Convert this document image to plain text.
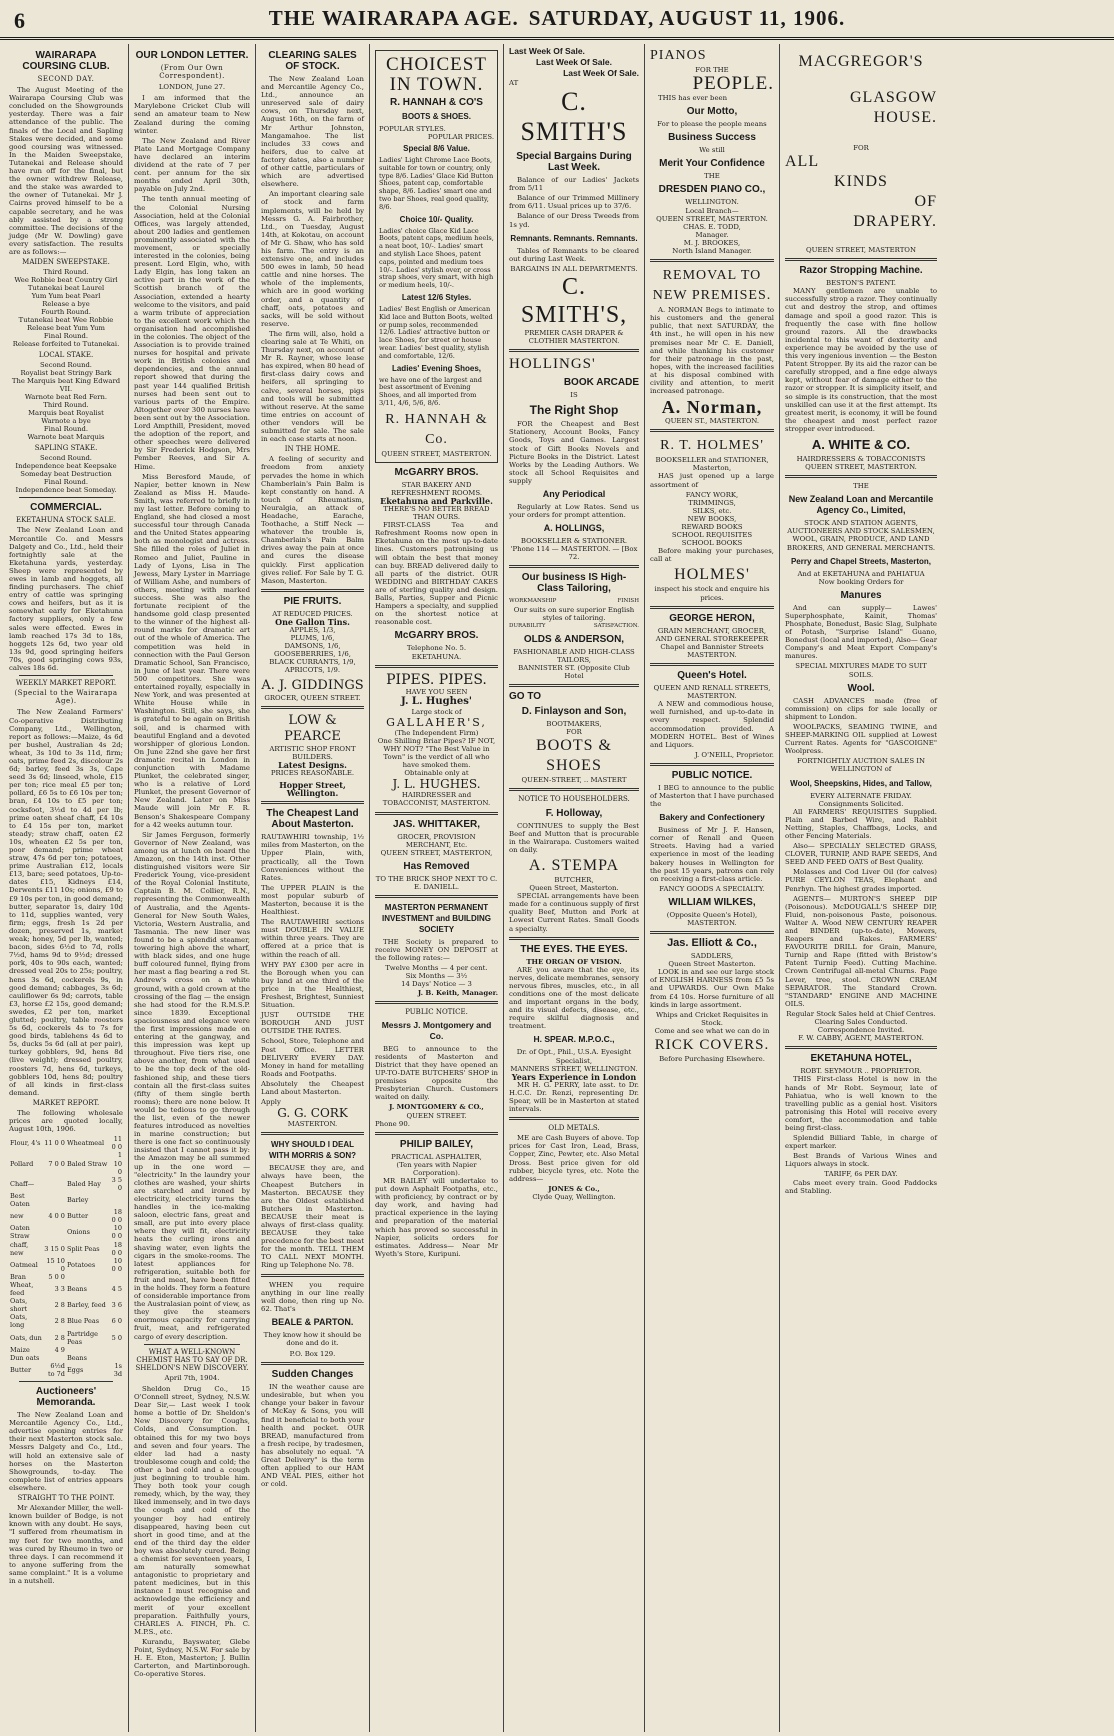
6	THE WAIRARAPA AGE. SATURDAY, AUGUST 11, 1906.
WAIRARAPA COURSING CLUB.
SECOND DAY.
The August Meeting of the Wairarapa Coursing Club was concluded on the Showgrounds yesterday. There was a fair attendance of the public. The finals of the Local and Sapling Stakes were decided, and some good coursing was witnessed. In the Maiden Sweepstake, Tutanekai and Release should have run off for the final, but the owner withdrew Release, and the stake was awarded to the owner of Tutanekai. Mr J. Cairns proved himself to be a capable secretary, and he was ably assisted by a strong committee. The decisions of the judge (Mr W. Dowling) gave every satisfaction. The results are as follows:—
MAIDEN SWEEPSTAKE.
Third Round.
Wee Robbie beat Country Girl
Tutanekai beat Laurel
Yum Yum beat Pearl
Release a bye
Fourth Round.
Tutanekai beat Wee Robbie
Release beat Yum Yum
Final Round.
Release forfeited to Tutanekai.
LOCAL STAKE.
Second Round.
Royalist beat Stringy Bark
The Marquis beat King Edward VII.
Warnote beat Red Fern.
Third Round.
Marquis beat Royalist
Warnote a bye
Final Round.
Warnote beat Marquis
SAPLING STAKE.
Second Round.
Independence beat Keepsake
Someday beat Destruction
Final Round.
Independence beat Someday.
COMMERCIAL.
EKETAHUNA STOCK SALE.
The New Zealand Loan and Mercantile Co. and Messrs Dalgety and Co., Ltd., held their fortnightly sale at the Eketahuna yards, yesterday. Sheep were represented by ewes in lamb and hoggets, all finding purchasers. The chief entry of cattle was springing cows and heifers, but as it is somewhat early for Eketahuna factory suppliers, only a few sales were effected. Ewes in lamb reached 17s 3d to 18s, hoggets 12s 6d, two year old 13s 9d, good springing heifers 70s, good springing cows 93s, calves 18s 6d.
WEEKLY MARKET REPORT.
(Special to the Wairarapa Age).
The New Zealand Farmers' Co-operative Distributing Company, Ltd., Wellington, report as follows:—Maize, 4s 6d per bushel, Australian 4s 2d; wheat, 3s 10d to 3s 11d, firm; oats, prime feed 2s, discolour 2s 6d; barley, feed 3s 3s, Cape seed 3s 6d; linseed, whole, £15 per ton; rice meal £5 per ton; pollard, £6 5s to £6 10s per ton; bran, £4 10s to £5 per ton; cocksfoot, 3½d to 4d per lb; prime oaten sheaf chaff, £4 10s to £4 15s per ton, market steady; straw chaff, oaten £2 10s, wheaten £2 5s per ton, poor demand; prime wheat straw, 47s 6d per ton; potatoes, prime Australian £12, locals £13, bare; seed potatoes, Up-to-dates £15, Kidneys £14, Derwents £11 10s; onions, £9 to £9 10s per ton, in good demand; butter, separator 1s, dairy 10d to 11d, supplies wanted, very firm; eggs, fresh 1s 2d per dozen, preserved 1s, market weak; honey, 5d per lb, wanted; bacon, sides 6½d to 7d, rolls 7½d, hams 9d to 9½d; dressed pork, 40s to 90s each, wanted; dressed veal 20s to 25s; poultry, hens 3s 6d, cockerels 9s, in good demand; cabbages, 3s 6d; cauliflower 6s 9d; carrots, table £3, horse £2 15s, good demand; swedes, £2 per ton, market glutted; poultry, table roosters 5s 6d, cockerels 4s to 7s for good birds, tablehens 4s 6d to 5s, ducks 5s 6d (all at per pair), turkey gobblers, 9d, hens 8d (live weight); dressed poultry, roosters 7d, hens 6d, turkeys, gobblers 10d, hens 8d; poultry of all kinds in first-class demand.
MARKET REPORT.
The following wholesale prices are quoted locally, August 10th, 1906.
Flour, 4's	11 0 0	Wheatmeal	11 0 0
Pollard	7 0 0	Baled Straw	1 10 0
Chaff—		Baled Hay	3 5 0
Best Oaten		Barley	
new	4 0 0	Butter	18 0 0
Oaten Straw		Onions	10 0 0
chaff, new	3 15 0	Split Peas	18 0 0
Oatmeal	15 10 0	Potatoes	10 0 0
Bran	5 0 0		
Wheat, feed	3 3	Beans	4 5
Oats, short	2 8	Barley, feed	3 6
Oats, long	2 8	Blue Peas	6 0
Oats, dun	2 8	Partridge Peas	5 0
Maize	4 9		
Dun oats		Beans	
Butter	6½d to 7d	Eggs	1s 3d
Auctioneers' Memoranda.
The New Zealand Loan and Mercantile Agency Co., Ltd., advertise opening entries for their next Masterton stock sale. Messrs Dalgety and Co., Ltd., will hold an extensive sale of horses on the Masterton Showgrounds, to-day. The complete list of entries appears elsewhere.
STRAIGHT TO THE POINT.
Mr Alexander Miller, the well-known builder of Bodge, is not known with any doubt. He says, "I suffered from rheumatism in my feet for two months, and was cured by Rheumo in two or three days. I can recommend it to anyone suffering from the same complaint." It is a volume in a nutshell.
OUR LONDON LETTER.
(From Our Own Correspondent).
LONDON, June 27.
I am informed that the Marylebone Cricket Club will send an amateur team to New Zealand during the coming winter.
The New Zealand and River Plate Land Mortgage Company have declared an interim dividend at the rate of 7 per cent. per annum for the six months ended April 30th, payable on July 2nd.
The tenth annual meeting of the Colonial Nursing Association, held at the Colonial Offices, was largely attended, about 200 ladies and gentlemen prominently associated with the movement, or specially interested in the colonies, being present. Lord Elgin, who, with Lady Elgin, has long taken an active part in the work of the Scottish branch of the Association, extended a hearty welcome to the visitors, and paid a warm tribute of appreciation to the excellent work which the organisation had accomplished in the colonies. The object of the Association is to provide trained nurses for hospital and private work in British colonies and dependencies, and the annual report showed that during the past year 144 qualified British nurses had been sent out to various parts of the Empire. Altogether over 300 nurses have been sent out by the Association. Lord Ampthill, President, moved the adoption of the report, and other speeches were delivered by Sir Frederick Hodgson, Mrs Pember Reeves, and Sir A. Hime.
Miss Beresford Maude, of Napier, better known in New Zealand as Miss H. Maude-Smith, was referred to briefly in my last letter. Before coming to England, she had closed a most successful tour through Canada and the United States appearing both as monologist and actress. She filled the roles of Juliet in Romeo and Juliet, Pauline in Lady of Lyons, Lisa in The Jewess, Mary Lyster in Marriage of William Ashe, and numbers of others, meeting with marked success. She was also the fortunate recipient of the handsome gold clasp presented to the winner of the highest all-round marks for dramatic art out of the whole of America. The competition was held in connection with the Paul Gerson Dramatic School, San Francisco, in June of last year. There were 500 competitors. She was entertained royally, especially in New York, and was presented at White House while in Washington. Still, she says, she is grateful to be again on British soil, and is charmed with beautiful England and a devoted worshipper of glorious London. On June 22nd she gave her first dramatic recital in London in conjunction with Madame Plunket, the celebrated singer, who is a relative of Lord Plunket, the present Governor of New Zealand. Later on Miss Maude will join Mr F. R. Benson's Shakespeare Company for a 42 weeks autumn tour.
Sir James Ferguson, formerly Governor of New Zealand, was among us at lunch on board the Amazon, on the 14th inst. Other distinguished visitors were Sir Frederick Young, vice-president of the Royal Colonial Institute, Captain B. M. Collier, R.N., representing the Commonwealth of Australia, and the Agents-General for New South Wales, Victoria, Western Australia, and Tasmania. The new liner was found to be a splendid steamer, towering high above the wharf, with black sides, and one huge buff coloured funnel, flying from her mast a flag bearing a red St. Andrew's cross on a white ground, with a gold crown at the crossing of the flag — the ensign she had stood for the R.M.S.P. since 1839. Exceptional spaciousness and elegance were the first impressions made on entering at the gangway, and this impression was kept up throughout. Five tiers rise, one above another, from what used to be the top deck of the old-fashioned ship, and these tiers contain all the first-class suites (fifty of them single berth rooms); there are none below. It would be tedious to go through the list, even of the newer features introduced as novelties in marine construction; but there is one fact so continuously insisted that I cannot pass it by: the Amazon may be all summed up in the one word — "electricity." In the laundry your clothes are washed, your shirts are starched and ironed by electricity, electricity turns the handles in the ice-making saloon, electric fans, great and small, are put into every place where they will fit, electricity heats the curling irons and shaving water, even lights the cigars in the smoke-rooms. The latest appliances for refrigeration, suitable both for fruit and meat, have been fitted in the holds. They form a feature of considerable importance from the Australasian point of view, as they give the steamers enormous capacity for carrying fruit, meat, and refrigerated cargo of every description.
WHAT A WELL-KNOWN CHEMIST HAS TO SAY OF DR. SHELDON'S NEW DISCOVERY.
April 7th, 1904.
Sheldon Drug Co., 15 O'Connell street, Sydney, N.S.W. Dear Sir,— Last week I took home a bottle of Dr. Sheldon's New Discovery for Coughs, Colds, and Consumption. I obtained this for my two boys and seven and four years. The elder lad had a nasty troublesome cough and cold; the other a bad cold and a cough just beginning to trouble him. They both took your cough remedy, which, by the way, they liked immensely, and in two days the cough and cold of the younger boy had entirely disappeared, having been cut short in good time, and at the end of the third day the elder boy was absolutely cured. Being a chemist for seventeen years, I am naturally somewhat antagonistic to proprietary and patent medicines, but in this instance I must recognise and acknowledge the efficiency and merit of your excellent preparation. Faithfully yours, CHARLES A. FINCH, Ph. C. M.P.S., etc.
Kurandu, Bayswater, Glebe Point, Sydney, N.S.W. For sale by H. E. Eton, Masterton; J. Bullin Carterton, and Martinborough. Co-operative Stores.
CLEARING SALES OF STOCK.
The New Zealand Loan and Mercantile Agency Co., Ltd., announce an unreserved sale of dairy cows, on Thursday next, August 16th, on the farm of Mr Arthur Johnston, Mangamahoe. The list includes 33 cows and heifers, due to calve at factory dates, also a number of other cattle, particulars of which are advertised elsewhere.
An important clearing sale of stock and farm implements, will be held by Messrs G. A. Fairbrother, Ltd., on Tuesday, August 14th, at Kokotau, on account of Mr G. Shaw, who has sold his farm. The entry is an extensive one, and includes 500 ewes in lamb, 50 head cattle and nine horses. The whole of the implements, which are in good working order, and a quantity of chaff, oats, potatoes and sacks, will be sold without reserve.
The firm will, also, hold a clearing sale at Te Whiti, on Thursday next, on account of Mr R. Rayner, whose lease has expired, when 80 head of first-class dairy cows and heifers, all springing to calve, several horses, pigs and tools will be submitted without reserve. At the same time entries on account of other vendors will be submitted for sale. The sale in each case starts at noon.
IN THE HOME.
A feeling of security and freedom from anxiety pervades the home in which Chamberlain's Pain Balm is kept constantly on hand. A touch of Rheumatism, Neuralgia, an attack of Headache, Earache, Toothache, a Stiff Neck — whatever the trouble is, Chamberlain's Pain Balm drives away the pain at once and cures the disease quickly. First application gives relief. For Sale by T. G. Mason, Masterton.
PIE FRUITS.
AT REDUCED PRICES.
One Gallon Tins.
APPLES, 1/3,
PLUMS, 1/6,
DAMSONS, 1/6,
GOOSEBERRIES, 1/6,
BLACK CURRANTS, 1/9,
APRICOTS, 1/9.
A. J. GIDDINGS
GROCER, QUEEN STREET.
LOW & PEARCE
ARTISTIC SHOP FRONT BUILDERS.
Latest Designs.
PRICES REASONABLE.
Hopper Street, Wellington.
The Cheapest Land About Masterton.
RAUTAWHIRI township, 1½ miles from Masterton, on the Upper Plain, with, practically, all the Town Conveniences without the Rates.
The UPPER PLAIN is the most popular suburb of Masterton, because it is the Healthiest.
The RAUTAWHIRI sections must DOUBLE IN VALUE within three years. They are offered at a price that is within the reach of all.
WHY PAY £300 per acre in the Borough when you can buy land at one third of the price in the Healthiest, Freshest, Brightest, Sunniest Situation.
JUST OUTSIDE THE BOROUGH AND JUST OUTSIDE THE RATES.
School, Store, Telephone and Post Office. LETTER DELIVERY EVERY DAY. Money in hand for metalling Roads and Footpaths.
Absolutely the Cheapest Land about Masterton.
Apply
G. G. CORK
MASTERTON.
WHY SHOULD I DEAL WITH MORRIS & SON?
BECAUSE they are, and always have been, the Cheapest Butchers in Masterton. BECAUSE they are the Oldest established Butchers in Masterton. BECAUSE their meat is always of first-class quality. BECAUSE they take precedence for the best meat for the month. TELL THEM TO CALL NEXT MONTH. Ring up Telephone No. 78.
WHEN you require anything in our line really well done, then ring up No. 62. That's
BEALE & PARTON.
They know how it should be done and do it.
P.O. Box 129.
Sudden Changes
IN the weather cause are undesirable, but when you change your baker in favour of McKay & Sons, you will find it beneficial to both your health and pocket. OUR BREAD, manufactured from a fresh recipe, by tradesmen, has absolutely no equal. "A Great Delivery" is the term often applied to our HAM AND VEAL PIES, either hot or cold.
CHOICEST IN TOWN.
R. HANNAH & CO'S
BOOTS & SHOES.
POPULAR STYLES.
POPULAR PRICES.
Special 8/6 Value.
Ladies' Light Chrome Lace Boots, suitable for town or country, only type 8/6. Ladies' Glace Kid Button Shoes, patent cap, comfortable shape, 8/6. Ladies' smart one and two bar Shoes, real good quality, 8/6.
Choice 10/- Quality.
Ladies' choice Glace Kid Lace Boots, patent caps, medium heels, a neat boot, 10/-. Ladies' smart and stylish Lace Shoes, patent caps, pointed and medium toes 10/-. Ladies' stylish over, or cross strap shoes, very smart, with high or medium heels, 10/-.
Latest 12/6 Styles.
Ladies' Best English or American Kid lace and Button Boots, welted or pump soles, recommended 12/6. Ladies' attractive button or lace Shoes, for street or house wear. Ladies' best quality, stylish and comfortable, 12/6.
Ladies' Evening Shoes,
we have one of the largest and best assortment of Evening Shoes, and all imported from 3/11, 4/6, 5/6, 8/6.
R. HANNAH & Co.
QUEEN STREET, MASTERTON.
McGARRY BROS.
STAR BAKERY AND REFRESHMENT ROOMS.
Eketahuna and Parkville.
THERE'S NO BETTER BREAD THAN OURS.
FIRST-CLASS Tea and Refreshment Rooms now open in Eketahuna on the most up-to-date lines. Customers patronising us will obtain the best that money can buy. BREAD delivered daily to all parts of the district. OUR WEDDING and BIRTHDAY CAKES are of sterling quality and design. Balls, Parties, Supper and Picnic Hampers a specialty, and supplied on the shortest notice at reasonable cost.
McGARRY BROS.
Telephone No. 5.
EKETAHUNA.
PIPES. PIPES.
HAVE YOU SEEN
J. L. Hughes'
Large stock of
GALLAHER'S,
(The Independent Firm)
One Shilling Briar Pipes? IF NOT, WHY NOT? "The Best Value in Town" is the verdict of all who have smoked them.
Obtainable only at
J. L. HUGHES.
HAIRDRESSER and TOBACCONIST, MASTERTON.
JAS. WHITTAKER,
GROCER, PROVISION MERCHANT, Etc.
QUEEN STREET, MASTERTON,
Has Removed
TO THE BRICK SHOP NEXT TO C. E. DANIELL.
MASTERTON PERMANENT INVESTMENT and BUILDING SOCIETY
THE Society is prepared to receive MONEY ON DEPOSIT at the following rates:—
Twelve Months — 4 per cent.
Six Months — 3½
14 Days' Notice — 3
J. B. Keith, Manager.
PUBLIC NOTICE.
Messrs J. Montgomery and Co.
BEG to announce to the residents of Masterton and District that they have opened an UP-TO-DATE BUTCHERS' SHOP in premises opposite the Presbyterian Church. Customers waited on daily.
J. MONTGOMERY & CO.,
QUEEN STREET.
Phone 90.
PHILIP BAILEY,
PRACTICAL ASPHALTER,
(Ten years with Napier Corporation).
MR BAILEY will undertake to put down Asphalt Footpaths, etc., with proficiency, by contract or by day work, and having had practical experience in the laying and preparation of the material which has proved so successful in Napier, solicits orders for estimates. Address— Near Mr Wyeth's Store, Kuripuni.
Last Week Of Sale.
Last Week Of Sale.
Last Week Of Sale.
AT
C. SMITH'S
Special Bargains During Last Week.
Balance of our Ladies' Jackets from 5/11
Balance of our Trimmed Millinery from 6/11. Usual prices up to 37/6.
Balance of our Dress Tweeds from 1s yd.
Remnants. Remnants. Remnants.
Tables of Remnants to be cleared out during Last Week.
BARGAINS IN ALL DEPARTMENTS.
C. SMITH'S,
PREMIER CASH DRAPER & CLOTHIER MASTERTON.
HOLLINGS'
BOOK ARCADE
IS
The Right Shop
FOR the Cheapest and Best Stationery, Account Books, Fancy Goods, Toys and Games. Largest stock of Gift Books Novels and Picture Books in the District. Latest Works by the Leading Authors. We stock all School Requisites and supply
Any Periodical
Regularly at Low Rates. Send us your orders for prompt attention.
A. HOLLINGS,
BOOKSELLER & STATIONER.
'Phone 114 — MASTERTON. — [Box 72.
Our business IS High-Class Tailoring,
WORKMANSHIP	FINISH
Our suits on sure superior English styles of tailoring.
DURABILITY	SATISFACTION.
OLDS & ANDERSON,
FASHIONABLE AND HIGH-CLASS TAILORS,
BANNISTER ST. (Opposite Club Hotel
GO TO
D. Finlayson and Son,
BOOTMAKERS,
FOR
BOOTS & SHOES
QUEEN-STREET, .. MASTERT
NOTICE TO HOUSEHOLDERS.
F. Holloway,
CONTINUES to supply the Best Beef and Mutton that is procurable in the Wairarapa. Customers waited on daily.
A. STEMPA
BUTCHER,
Queen Street, Masterton.
SPECIAL arrangements have been made for a continuous supply of first quality Beef, Mutton and Pork at Lowest Current Rates. Small Goods a specialty.
THE EYES. THE EYES.
THE ORGAN OF VISION.
ARE you aware that the eye, its nerves, delicate membranes, sensory nervous fibres, muscles, etc., in all conditions one of the most delicate and important organs in the body, and its visual defects, disease, etc., require skilful diagnosis and treatment.
H. SPEAR. M.P.O.C.,
Dr. of Opt., Phil., U.S.A. Eyesight Specialist,
MANNERS STREET, WELLINGTON.
Years Experience in London
MR H. G. PERRY, late asst. to Dr. H.C.C. Dr. Renzi, representing Dr. Spear, will be in Masterton at stated intervals.
OLD METALS.
ME are Cash Buyers of above. Top prices for Cast Iron, Lead, Brass, Copper, Zinc, Pewter, etc. Also Metal Dross. Best price given for old rubber, bicycle tyres, etc. Note the address—
JONES & Co.,
Clyde Quay, Wellington.
PIANOS
FOR THE
PEOPLE.
THIS has ever been
Our Motto,
For to please the people means
Business Success
We still
Merit Your Confidence
THE
DRESDEN PIANO CO.,
WELLINGTON.
Local Branch—
QUEEN STREET, MASTERTON.
CHAS. E. TODD,
Manager.
M. J. BROOKES,
North Island Manager.
REMOVAL TO
NEW PREMISES.
A. NORMAN Begs to intimate to his customers and the general public, that next SATURDAY, the 4th inst., he will open in his new premises near Mr C. E. Daniell, and while thanking his customer for their patronage in the past, hopes, with the increased facilities at his disposal combined with civility and attention, to merit increased patronage.
A. Norman,
QUEEN ST., MASTERTON.
R. T. HOLMES'
BOOKSELLER and STATIONER,
Masterton,
HAS just opened up a large assortment of
FANCY WORK,
TRIMMINGS,
SILKS, etc.
NEW BOOKS,
REWARD BOOKS
SCHOOL REQUISITES
SCHOOL BOOKS
Before making your purchases, call at
HOLMES'
inspect his stock and enquire his prices.
GEORGE HERON,
GRAIN MERCHANT, GROCER, AND GENERAL STOREKEEPER
Chapel and Bannister Streets
MASTERTON.
Queen's Hotel.
QUEEN AND RENALL STREETS, MASTERTON.
A NEW and commodious house, well furnished, and up-to-date in every respect. Splendid accommodation provided. A MODERN HOTEL. Best of Wines and Liquors.
J. O'NEILL, Proprietor.
PUBLIC NOTICE.
I BEG to announce to the public of Masterton that I have purchased the
Bakery and Confectionery
Business of Mr J. F. Hansen, corner of Renall and Queen Streets. Having had a varied experience in most of the leading bakery houses in Wellington for the past 15 years, patrons can rely on receiving a first-class article.
FANCY GOODS A SPECIALTY.
WILLIAM WILKES,
(Opposite Queen's Hotel),
MASTERTON.
Jas. Elliott & Co.,
SADDLERS,
Queen Street Masterton.
LOOK in and see our large stock of ENGLISH HARNESS from £5 5s and UPWARDS. Our Own Make from £4 10s. Horse furniture of all kinds in large assortment.
Whips and Cricket Requisites in Stock.
Come and see what we can do in
RICK COVERS.
Before Purchasing Elsewhere.
MACGREGOR'S
GLASGOW
HOUSE.
FOR
ALL
KINDS
OF
DRAPERY.
QUEEN STREET, MASTERTON
Razor Stropping Machine.
BESTON'S PATENT.
MANY gentlemen are unable to successfully strop a razor. They continually cut and destroy the strop, and oftimes damage and spoil a good razor. This is frequently the case with fine hollow ground razors. All the drawbacks incidental to this want of dexterity and experience may be avoided by the use of this very ingenious invention — the Beston Patent Stropper. By its aid the razor can be carefully stropped, and a fine edge always kept, without fear of damage either to the razor or stropper. It is simplicity itself, and so simple is its construction, that the most unskilled can use it at the first attempt. Its greatest merit, is economy, it will be found the cheapest and most perfect razor stropper ever introduced.
A. WHITE & CO.
HAIRDRESSERS & TOBACCONISTS
QUEEN STREET, MASTERTON.
THE
New Zealand Loan and Mercantile Agency Co., Limited,
STOCK AND STATION AGENTS, AUCTIONEERS AND STOCK SALESMEN,
WOOL, GRAIN, PRODUCE, AND LAND BROKERS, AND GENERAL MERCHANTS.
Perry and Chapel Streets, Masterton,
And at EKETAHUNA and PAHIATUA
Now booking Orders for
Manures
And can supply— Lawes' Superphosphate, Kainit, Thomas' Phosphate, Bonedust, Basic Slag, Sulphate of Potash, "Surprise Island" Guano, Bonedust (local and imported), Also— Gear Company's and Meat Export Company's manures.
SPECIAL MIXTURES MADE TO SUIT SOILS.
Wool.
CASH ADVANCES made (free of commission) on clips for sale locally or shipment to London.
WOOLPACKS, SEAMING TWINE, and SHEEP-MARKING OIL supplied at Lowest Current Rates. Agents for "GASCOIGNE" Woolpress.
FORTNIGHTLY AUCTION SALES IN WELLINGTON of
Wool, Sheepskins, Hides, and Tallow,
EVERY ALTERNATE FRIDAY. Consignments Solicited.
All FARMERS' REQUISITES Supplied. Plain and Barbed Wire, and Rabbit Netting, Staples, Chaffbags, Locks, and other Fencing Materials.
Also— SPECIALLY SELECTED GRASS, CLOVER, TURNIP, AND RAPE SEEDS, And SEED AND FEED OATS of Best Quality.
Molasses and Cod Liver Oil (for calves) PURE CEYLON TEAS, Elephant and Penrhyn. The highest grades imported.
AGENTS— MURTON'S SHEEP DIP (Poisonous). McDOUGALL'S SHEEP DIP, Fluid, non-poisonous Paste, poisonous. Walter A. Wood NEW CENTURY REAPER and BINDER (up-to-date), Mowers, Reapers and Rakes. FARMERS' FAVOURITE DRILL for Grain, Manure, Turnip and Rape (fitted with Bristow's Patent Turnip Feed). Cutting Machine. Crown Centrifugal all-metal Churns. Page Lever, tree, stool. CROWN CREAM SEPARATOR. The Standard Crown. "STANDARD" ENGINE AND MACHINE OILS.
Regular Stock Sales held at Chief Centres.
Clearing Sales Conducted.
Correspondence Invited.
F. W. CABBY, AGENT, MASTERTON.
EKETAHUNA HOTEL,
ROBT. SEYMOUR .. PROPRIETOR.
THIS First-class Hotel is now in the hands of Mr Robt. Seymour, late of Pahiatua, who is well known to the travelling public as a genial host. Visitors patronising this Hotel will receive every comfort, the accommodation and table being first-class.
Splendid Billiard Table, in charge of expert marker.
Best Brands of Various Wines and Liquors always in stock.
TARIFF, 6s PER DAY.
Cabs meet every train. Good Paddocks and Stabling.
